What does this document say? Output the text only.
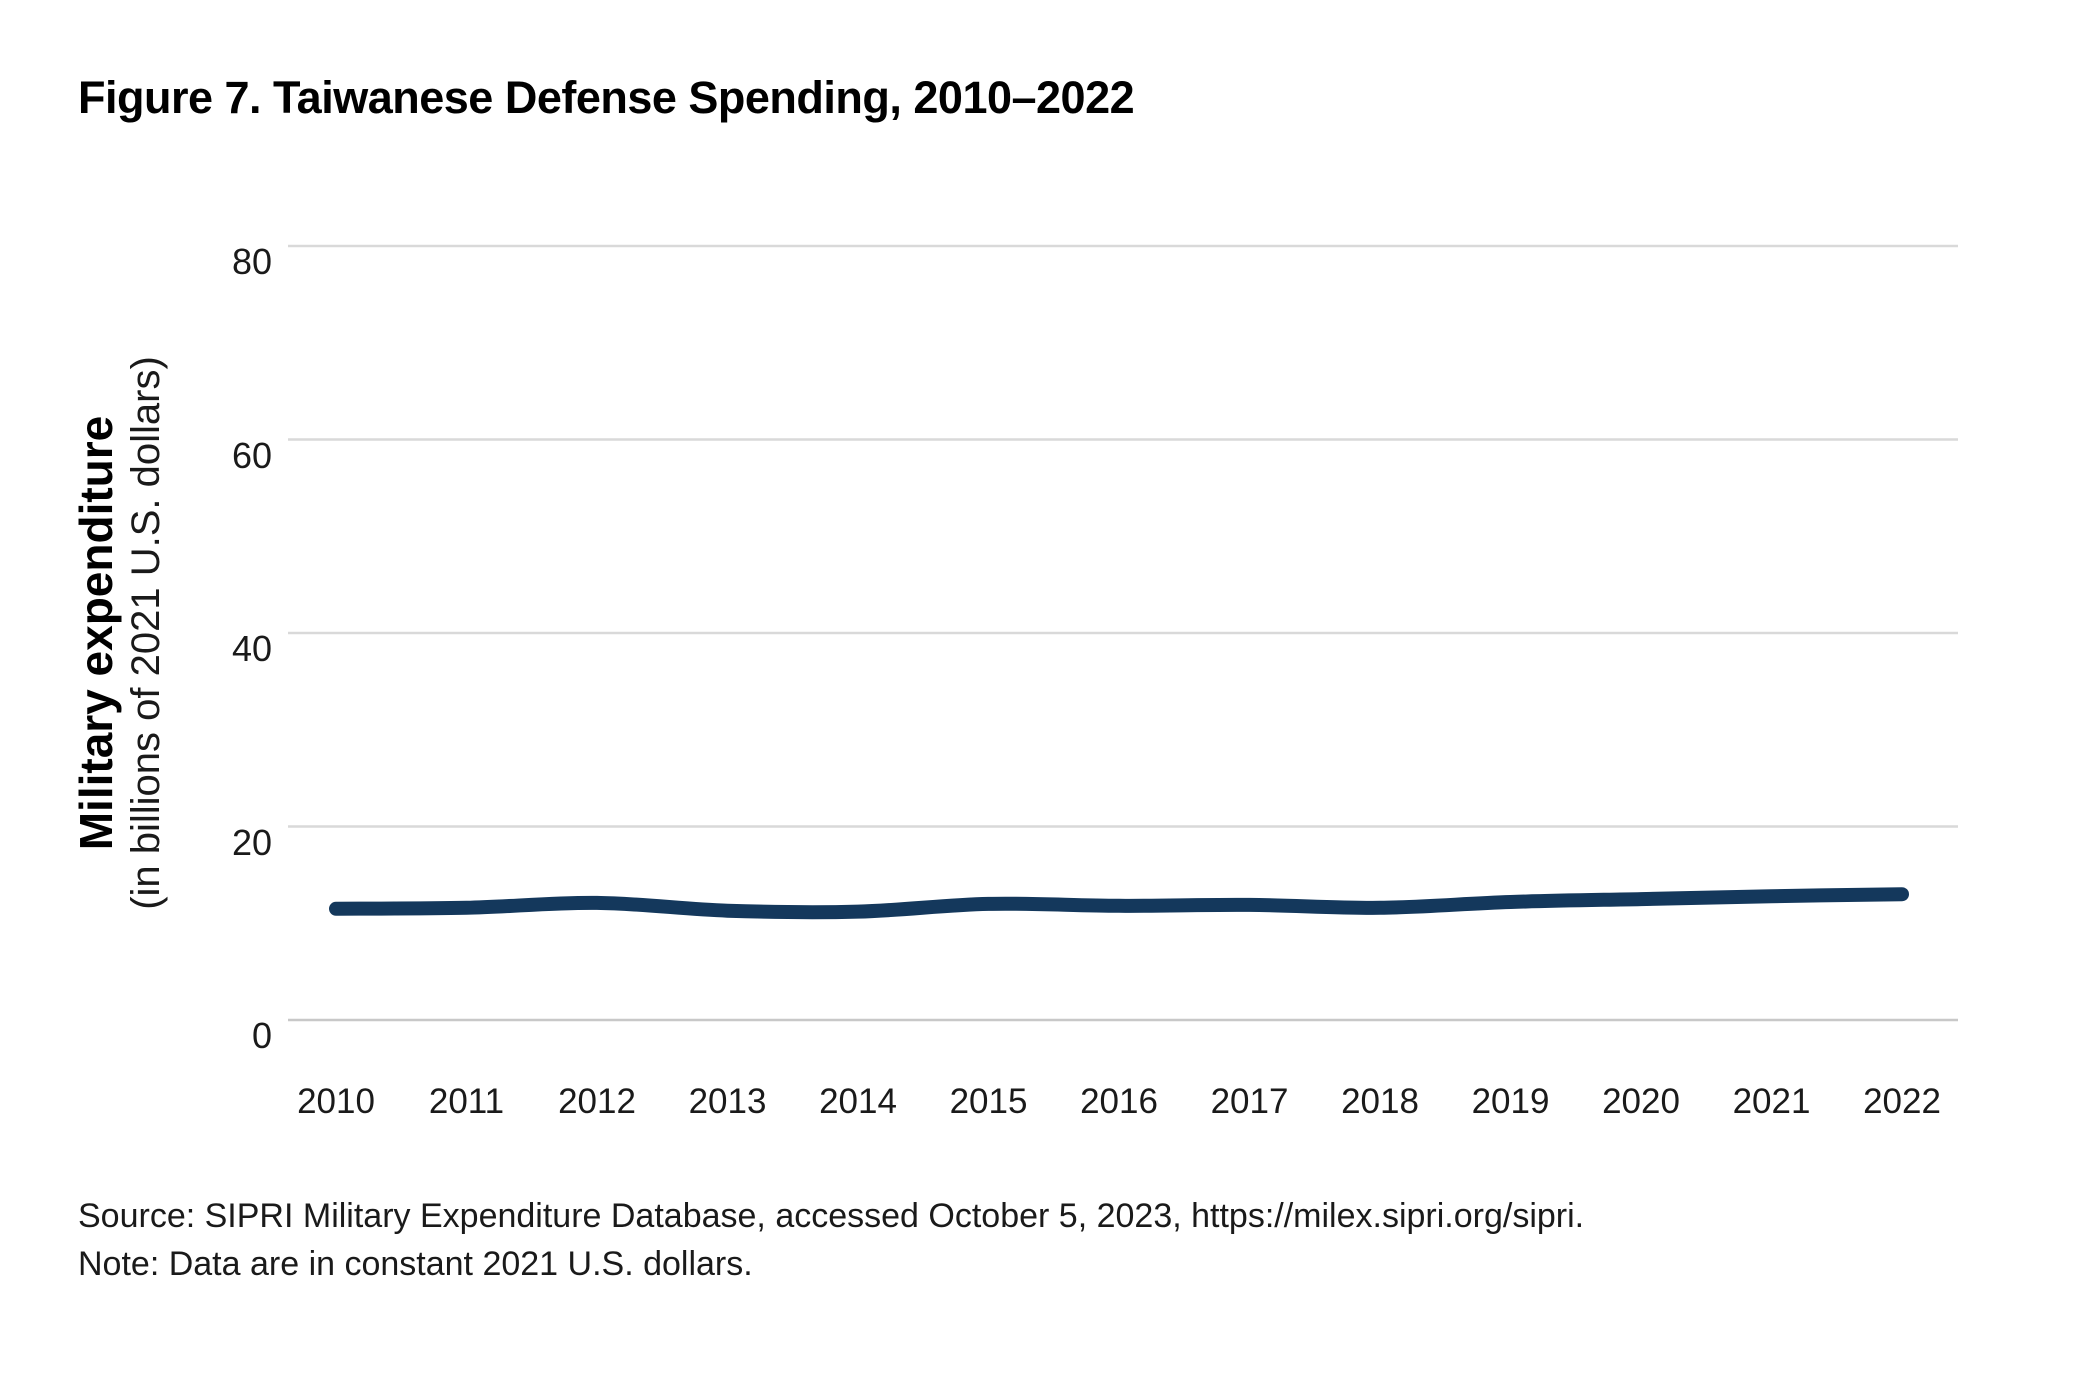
Figure 7. Taiwanese Defense Spending, 2010–2022
Military expenditure (in billions of 2021 U.S. dollars)
0
20
40
60
80
2010 2011 2012 2013 2014 2015 2016 2017 2018 2019 2020 2021 2022
Source: SIPRI Military Expenditure Database, accessed October 5, 2023, https://milex.sipri.org/sipri.
Note: Data are in constant 2021 U.S. dollars.
